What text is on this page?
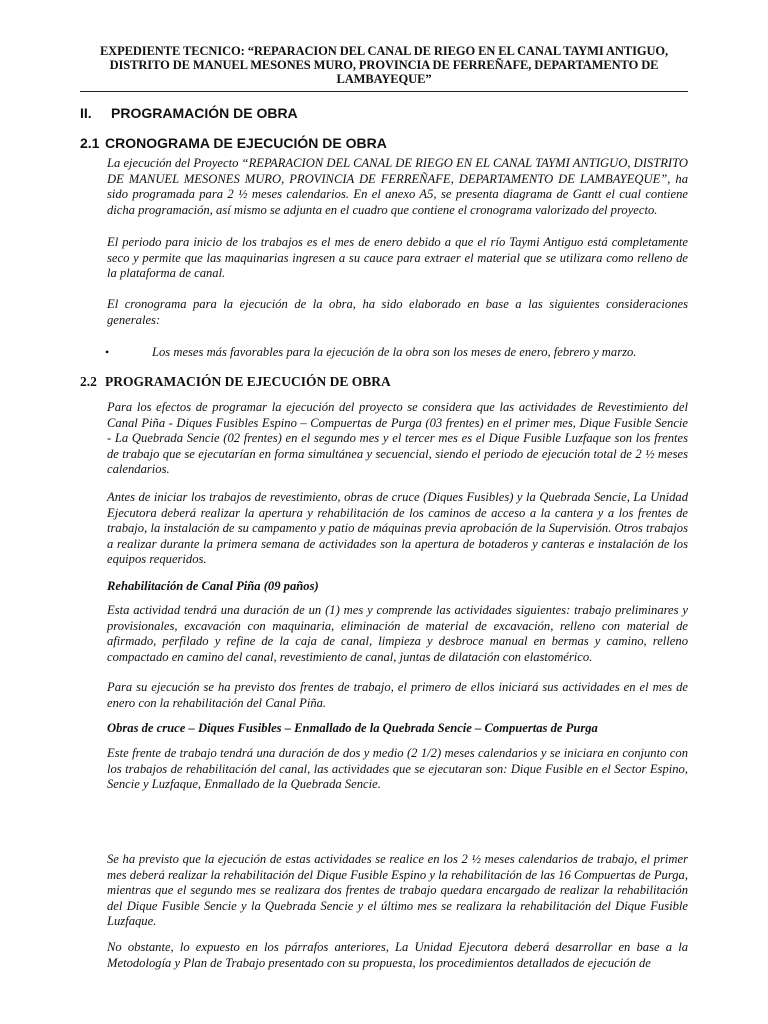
EXPEDIENTE TECNICO: “REPARACION DEL CANAL DE RIEGO EN EL CANAL TAYMI ANTIGUO,
DISTRITO DE MANUEL MESONES MURO, PROVINCIA DE FERREÑAFE, DEPARTAMENTO DE
LAMBAYEQUE”
II. PROGRAMACIÓN DE OBRA
2.1 CRONOGRAMA DE EJECUCIÓN DE OBRA

La ejecución del Proyecto “REPARACION DEL CANAL DE RIEGO EN EL CANAL TAYMI ANTIGUO, DISTRITO DE MANUEL MESONES MURO, PROVINCIA DE FERREÑAFE, DEPARTAMENTO DE LAMBAYEQUE”, ha sido programada para 2 ½ meses calendarios. En el anexo A5, se presenta diagrama de Gantt el cual contiene dicha programación, así mismo se adjunta en el cuadro que contiene el cronograma valorizado del proyecto.

El periodo para inicio de los trabajos es el mes de enero debido a que el río Taymi Antiguo está completamente seco y permite que las maquinarias ingresen a su cauce para extraer el material que se utilizara como relleno de la plataforma de canal.

El cronograma para la ejecución de la obra, ha sido elaborado en base a las siguientes consideraciones generales:

•	Los meses más favorables para la ejecución de la obra son los meses de enero, febrero y marzo.
2.2 PROGRAMACIÓN DE EJECUCIÓN DE OBRA

Para los efectos de programar la ejecución del proyecto se considera que las actividades de Revestimiento del Canal Piña - Diques Fusibles Espino – Compuertas de Purga (03 frentes) en el primer mes, Dique Fusible Sencie - La Quebrada Sencie (02 frentes) en el segundo mes y el tercer mes es el Dique Fusible Luzfaque son los frentes de trabajo que se ejecutarían en forma simultánea y secuencial, siendo el periodo de ejecución total de 2 ½ meses calendarios.

Antes de iniciar los trabajos de revestimiento, obras de cruce (Diques Fusibles) y la Quebrada Sencie, La Unidad Ejecutora deberá realizar la apertura y rehabilitación de los caminos de acceso a la cantera y a los frentes de trabajo, la instalación de su campamento y patio de máquinas previa aprobación de la Supervisión. Otros trabajos a realizar durante la primera semana de actividades son la apertura de botaderos y canteras e instalación de los equipos requeridos.

Rehabilitación de Canal Piña (09 paños)

Esta actividad tendrá una duración de un (1) mes y comprende las actividades siguientes: trabajo preliminares y provisionales, excavación con maquinaria, eliminación de material de excavación, relleno con material de afirmado, perfilado y refine de la caja de canal, limpieza y desbroce manual en bermas y camino, relleno compactado en camino del canal, revestimiento de canal, juntas de dilatación con elastomérico.

Para su ejecución se ha previsto dos frentes de trabajo, el primero de ellos iniciará sus actividades en el mes de enero con la rehabilitación del Canal Piña.

Obras de cruce – Diques Fusibles – Enmallado de la Quebrada Sencie – Compuertas de Purga

Este frente de trabajo tendrá una duración de dos y medio (2 1/2) meses calendarios y se iniciara en conjunto con los trabajos de rehabilitación del canal, las actividades que se ejecutaran son: Dique Fusible en el Sector Espino, Sencie y Luzfaque, Enmallado de la Quebrada Sencie.

Se ha previsto que la ejecución de estas actividades se realice en los 2 ½ meses calendarios de trabajo, el primer mes deberá realizar la rehabilitación del Dique Fusible Espino y la rehabilitación de las 16 Compuertas de Purga, mientras que el segundo mes se realizara dos frentes de trabajo quedara encargado de realizar la rehabilitación del Dique Fusible Sencie y la Quebrada Sencie y el último mes se realizara la rehabilitación del Dique Fusible Luzfaque.

No obstante, lo expuesto en los párrafos anteriores, La Unidad Ejecutora deberá desarrollar en base a la Metodología y Plan de Trabajo presentado con su propuesta, los procedimientos detallados de ejecución de
